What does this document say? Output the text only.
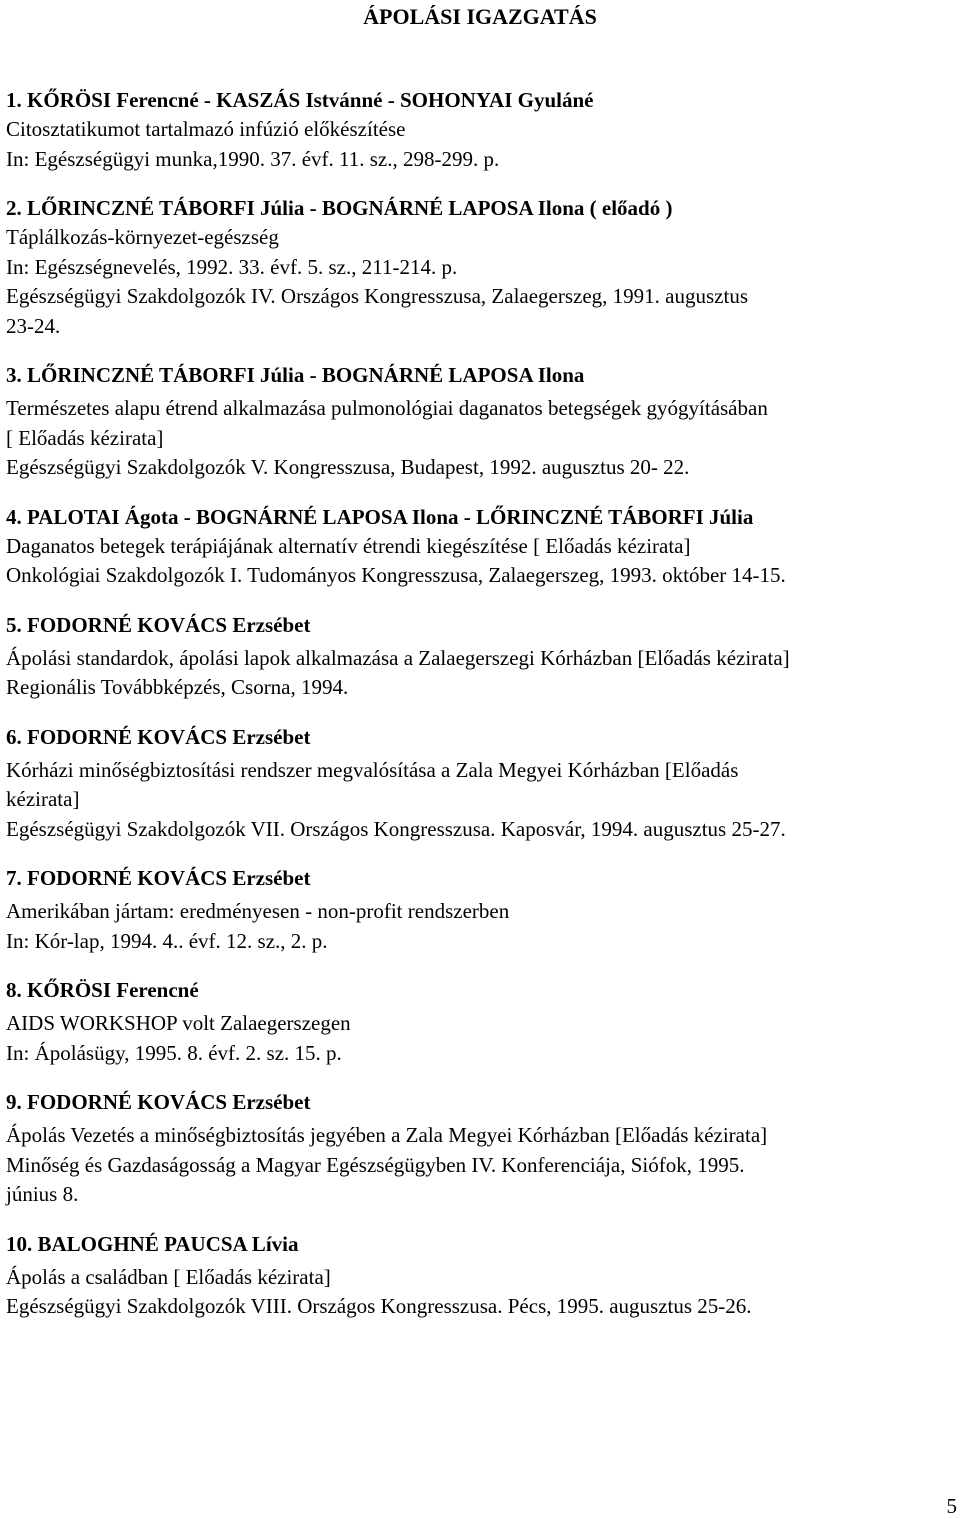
ÁPOLÁSI IGAZGATÁS
1. KŐRÖSI Ferencné - KASZÁS Istvánné - SOHONYAI Gyuláné
Citosztatikumot tartalmazó infúzió előkészítése
In: Egészségügyi munka,1990. 37. évf. 11. sz., 298-299. p.
2. LŐRINCZNÉ TÁBORFI Júlia - BOGNÁRNÉ LAPOSA Ilona ( előadó )
Táplálkozás-környezet-egészség
In: Egészségnevelés, 1992. 33. évf. 5. sz., 211-214. p.
Egészségügyi Szakdolgozók IV. Országos Kongresszusa, Zalaegerszeg, 1991. augusztus
23-24.
3. LŐRINCZNÉ TÁBORFI Júlia - BOGNÁRNÉ LAPOSA Ilona
Természetes alapu étrend alkalmazása pulmonológiai daganatos betegségek gyógyításában
[ Előadás kézirata]
Egészségügyi Szakdolgozók V. Kongresszusa, Budapest, 1992. augusztus 20- 22.
4. PALOTAI Ágota - BOGNÁRNÉ LAPOSA Ilona - LŐRINCZNÉ TÁBORFI Júlia
Daganatos betegek terápiájának alternatív étrendi kiegészítése [ Előadás kézirata]
Onkológiai Szakdolgozók I. Tudományos Kongresszusa, Zalaegerszeg, 1993. október 14-15.
5. FODORNÉ KOVÁCS Erzsébet
Ápolási standardok, ápolási lapok alkalmazása a Zalaegerszegi Kórházban [Előadás kézirata]
Regionális Továbbképzés, Csorna, 1994.
6. FODORNÉ KOVÁCS Erzsébet
Kórházi minőségbiztosítási rendszer megvalósítása a Zala Megyei Kórházban [Előadás
kézirata]
Egészségügyi Szakdolgozók VII. Országos Kongresszusa. Kaposvár, 1994. augusztus 25-27.
7. FODORNÉ KOVÁCS Erzsébet
Amerikában jártam: eredményesen - non-profit rendszerben
In: Kór-lap, 1994. 4.. évf. 12. sz., 2. p.
8. KŐRÖSI Ferencné
AIDS WORKSHOP volt Zalaegerszegen
In: Ápolásügy, 1995. 8. évf. 2. sz. 15. p.
9. FODORNÉ KOVÁCS Erzsébet
Ápolás Vezetés a minőségbiztosítás jegyében a Zala Megyei Kórházban [Előadás kézirata]
Minőség és Gazdaságosság a Magyar Egészségügyben IV. Konferenciája, Siófok, 1995.
június 8.
10. BALOGHNÉ PAUCSA Lívia
Ápolás a családban [ Előadás kézirata]
Egészségügyi Szakdolgozók VIII. Országos Kongresszusa. Pécs, 1995. augusztus 25-26.
5
